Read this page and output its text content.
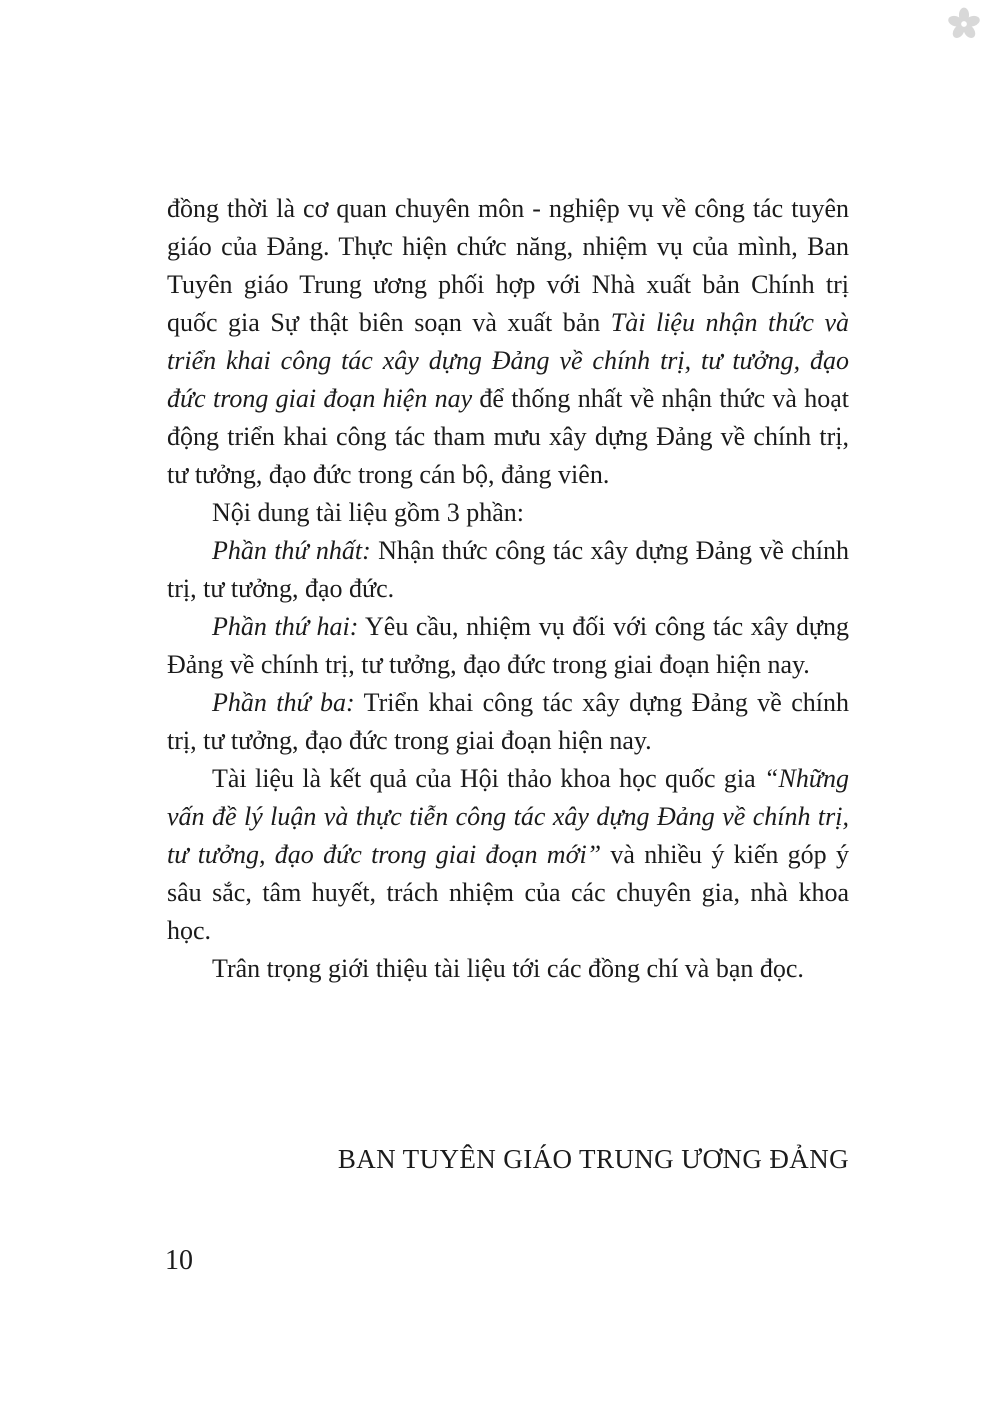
đồng thời là cơ quan chuyên môn - nghiệp vụ về công tác tuyên giáo của Đảng. Thực hiện chức năng, nhiệm vụ của mình, Ban Tuyên giáo Trung ương phối hợp với Nhà xuất bản Chính trị quốc gia Sự thật biên soạn và xuất bản Tài liệu nhận thức và triển khai công tác xây dựng Đảng về chính trị, tư tưởng, đạo đức trong giai đoạn hiện nay để thống nhất về nhận thức và hoạt động triển khai công tác tham mưu xây dựng Đảng về chính trị, tư tưởng, đạo đức trong cán bộ, đảng viên.

Nội dung tài liệu gồm 3 phần:

Phần thứ nhất: Nhận thức công tác xây dựng Đảng về chính trị, tư tưởng, đạo đức.

Phần thứ hai: Yêu cầu, nhiệm vụ đối với công tác xây dựng Đảng về chính trị, tư tưởng, đạo đức trong giai đoạn hiện nay.

Phần thứ ba: Triển khai công tác xây dựng Đảng về chính trị, tư tưởng, đạo đức trong giai đoạn hiện nay.

Tài liệu là kết quả của Hội thảo khoa học quốc gia “Những vấn đề lý luận và thực tiễn công tác xây dựng Đảng về chính trị, tư tưởng, đạo đức trong giai đoạn mới” và nhiều ý kiến góp ý sâu sắc, tâm huyết, trách nhiệm của các chuyên gia, nhà khoa học.

Trân trọng giới thiệu tài liệu tới các đồng chí và bạn đọc.

BAN TUYÊN GIÁO TRUNG ƯƠNG ĐẢNG
10
